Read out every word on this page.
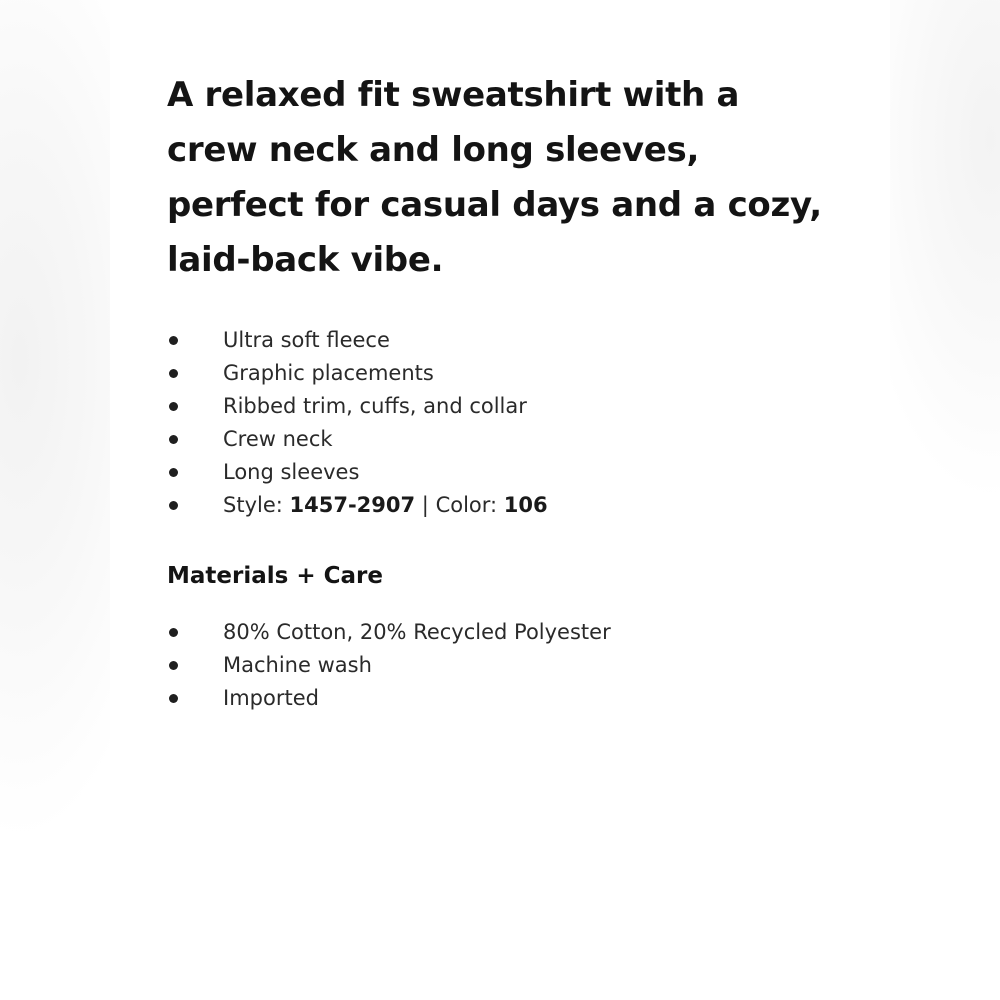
A relaxed fit sweatshirt with a crew neck and long sleeves, perfect for casual days and a cozy, laid-back vibe.
Ultra soft fleece
Graphic placements
Ribbed trim, cuffs, and collar
Crew neck
Long sleeves
Style: 1457-2907 | Color: 106
Materials + Care
80% Cotton, 20% Recycled Polyester
Machine wash
Imported
